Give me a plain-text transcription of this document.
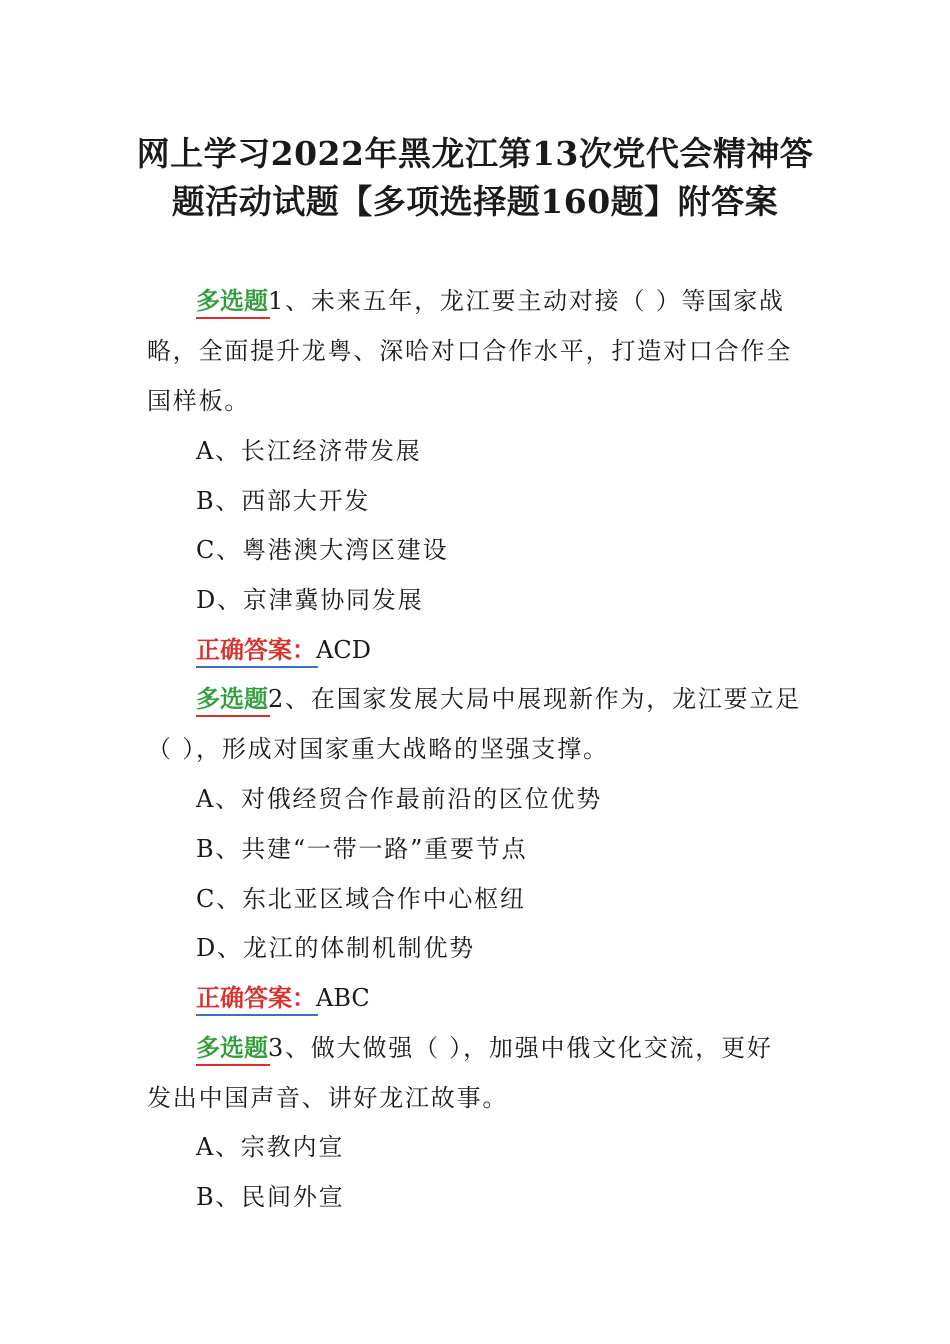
网上学习2022年黑龙江第13次党代会精神答
题活动试题【多项选择题160题】附答案
多选题1、未来五年，龙江要主动对接（ ）等国家战
略，全面提升龙粤、深哈对口合作水平，打造对口合作全
国样板。
A、长江经济带发展
B、西部大开发
C、粤港澳大湾区建设
D、京津冀协同发展
正确答案：ACD
多选题2、在国家发展大局中展现新作为，龙江要立足
（ ），形成对国家重大战略的坚强支撑。
A、对俄经贸合作最前沿的区位优势
B、共建“一带一路”重要节点
C、东北亚区域合作中心枢纽
D、龙江的体制机制优势
正确答案：ABC
多选题3、做大做强（ ），加强中俄文化交流，更好
发出中国声音、讲好龙江故事。
A、宗教内宣
B、民间外宣
